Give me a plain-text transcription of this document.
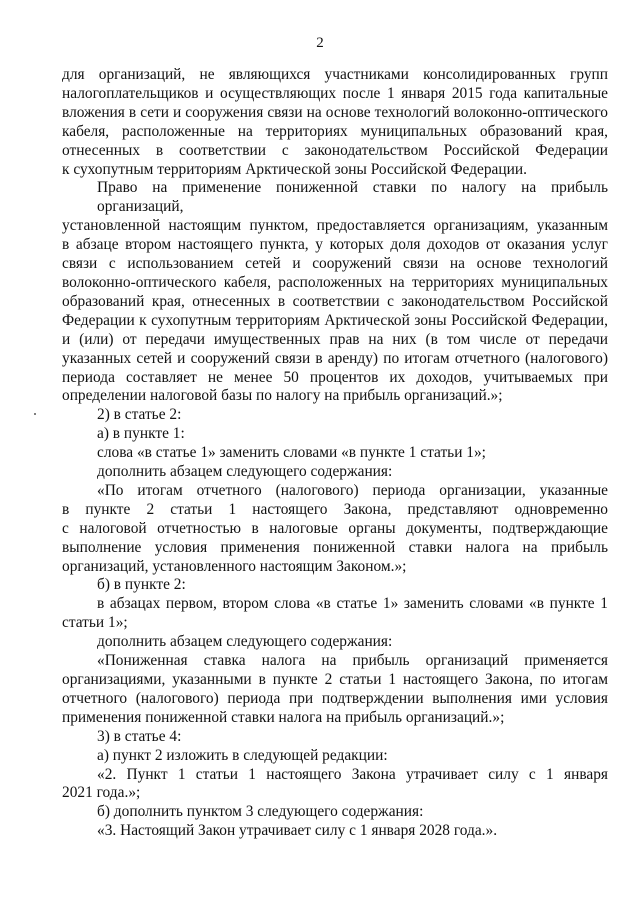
2

для организаций, не являющихся участниками консолидированных групп

налогоплательщиков и осуществляющих после 1 января 2015 года капитальные

вложения в сети и сооружения связи на основе технологий волоконно-оптического

кабеля, расположенные на территориях муниципальных образований края,

отнесенных в соответствии с законодательством Российской Федерации

к сухопутным территориям Арктической зоны Российской Федерации.

Право на применение пониженной ставки по налогу на прибыль организаций,

установленной настоящим пунктом, предоставляется организациям, указанным

в абзаце втором настоящего пункта, у которых доля доходов от оказания услуг

связи с использованием сетей и сооружений связи на основе технологий

волоконно-оптического кабеля, расположенных на территориях муниципальных

образований края, отнесенных в соответствии с законодательством Российской

Федерации к сухопутным территориям Арктической зоны Российской Федерации,

и (или) от передачи имущественных прав на них (в том числе от передачи

указанных сетей и сооружений связи в аренду) по итогам отчетного (налогового)

периода составляет не менее 50 процентов их доходов, учитываемых при

определении налоговой базы по налогу на прибыль организаций.»;

2) в статье 2:

а) в пункте 1:

слова «в статье 1» заменить словами «в пункте 1 статьи 1»;

дополнить абзацем следующего содержания:

«По итогам отчетного (налогового) периода организации, указанные

в пункте 2 статьи 1 настоящего Закона, представляют одновременно

с налоговой отчетностью в налоговые органы документы, подтверждающие

выполнение условия применения пониженной ставки налога на прибыль

организаций, установленного настоящим Законом.»;

б) в пункте 2:

в абзацах первом, втором слова «в статье 1» заменить словами «в пункте 1

статьи 1»;

дополнить абзацем следующего содержания:

«Пониженная ставка налога на прибыль организаций применяется

организациями, указанными в пункте 2 статьи 1 настоящего Закона, по итогам

отчетного (налогового) периода при подтверждении выполнения ими условия

применения пониженной ставки налога на прибыль организаций.»;

3) в статье 4:

а) пункт 2 изложить в следующей редакции:

«2. Пункт 1 статьи 1 настоящего Закона утрачивает силу с 1 января

2021 года.»;

б) дополнить пунктом 3 следующего содержания:

«3. Настоящий Закон утрачивает силу с 1 января 2028 года.».
